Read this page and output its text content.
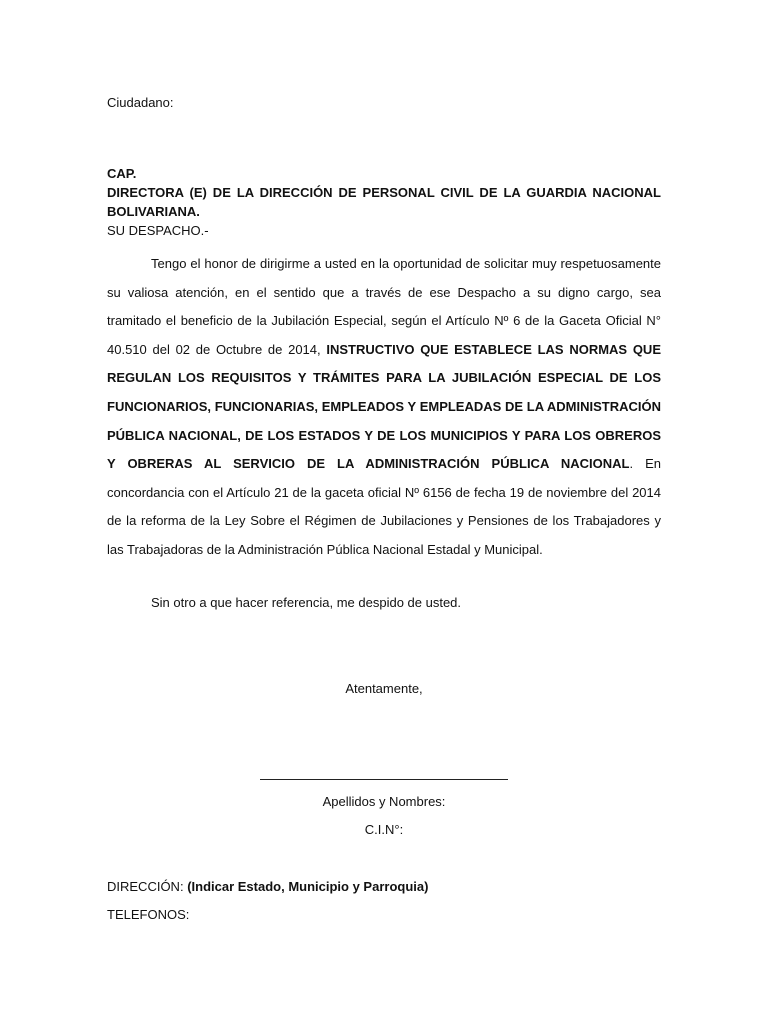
Ciudadano:
CAP.
DIRECTORA (E) DE LA DIRECCIÓN DE PERSONAL CIVIL DE LA GUARDIA NACIONAL
BOLIVARIANA.
SU DESPACHO.-
Tengo el honor de dirigirme a usted en la oportunidad de solicitar muy respetuosamente su valiosa atención, en el sentido que a través de ese Despacho a su digno cargo, sea tramitado el beneficio de la Jubilación Especial, según el Artículo Nº 6 de la Gaceta Oficial N° 40.510 del 02 de Octubre de 2014, INSTRUCTIVO QUE ESTABLECE LAS NORMAS QUE REGULAN LOS REQUISITOS Y TRÁMITES PARA LA JUBILACIÓN ESPECIAL DE LOS FUNCIONARIOS, FUNCIONARIAS, EMPLEADOS Y EMPLEADAS DE LA ADMINISTRACIÓN PÚBLICA NACIONAL, DE LOS ESTADOS Y DE LOS MUNICIPIOS Y PARA LOS OBREROS Y OBRERAS AL SERVICIO DE LA ADMINISTRACIÓN PÚBLICA NACIONAL. En concordancia con el Artículo 21 de la gaceta oficial Nº 6156 de fecha 19 de noviembre del 2014 de la reforma de la Ley Sobre el Régimen de Jubilaciones y Pensiones de los Trabajadores y las Trabajadoras de la Administración Pública Nacional Estadal y Municipal.
Sin otro a que hacer referencia, me despido de usted.
Atentamente,
Apellidos y Nombres:
C.I.N°:
DIRECCIÓN: (Indicar Estado, Municipio y Parroquia)
TELEFONOS:
